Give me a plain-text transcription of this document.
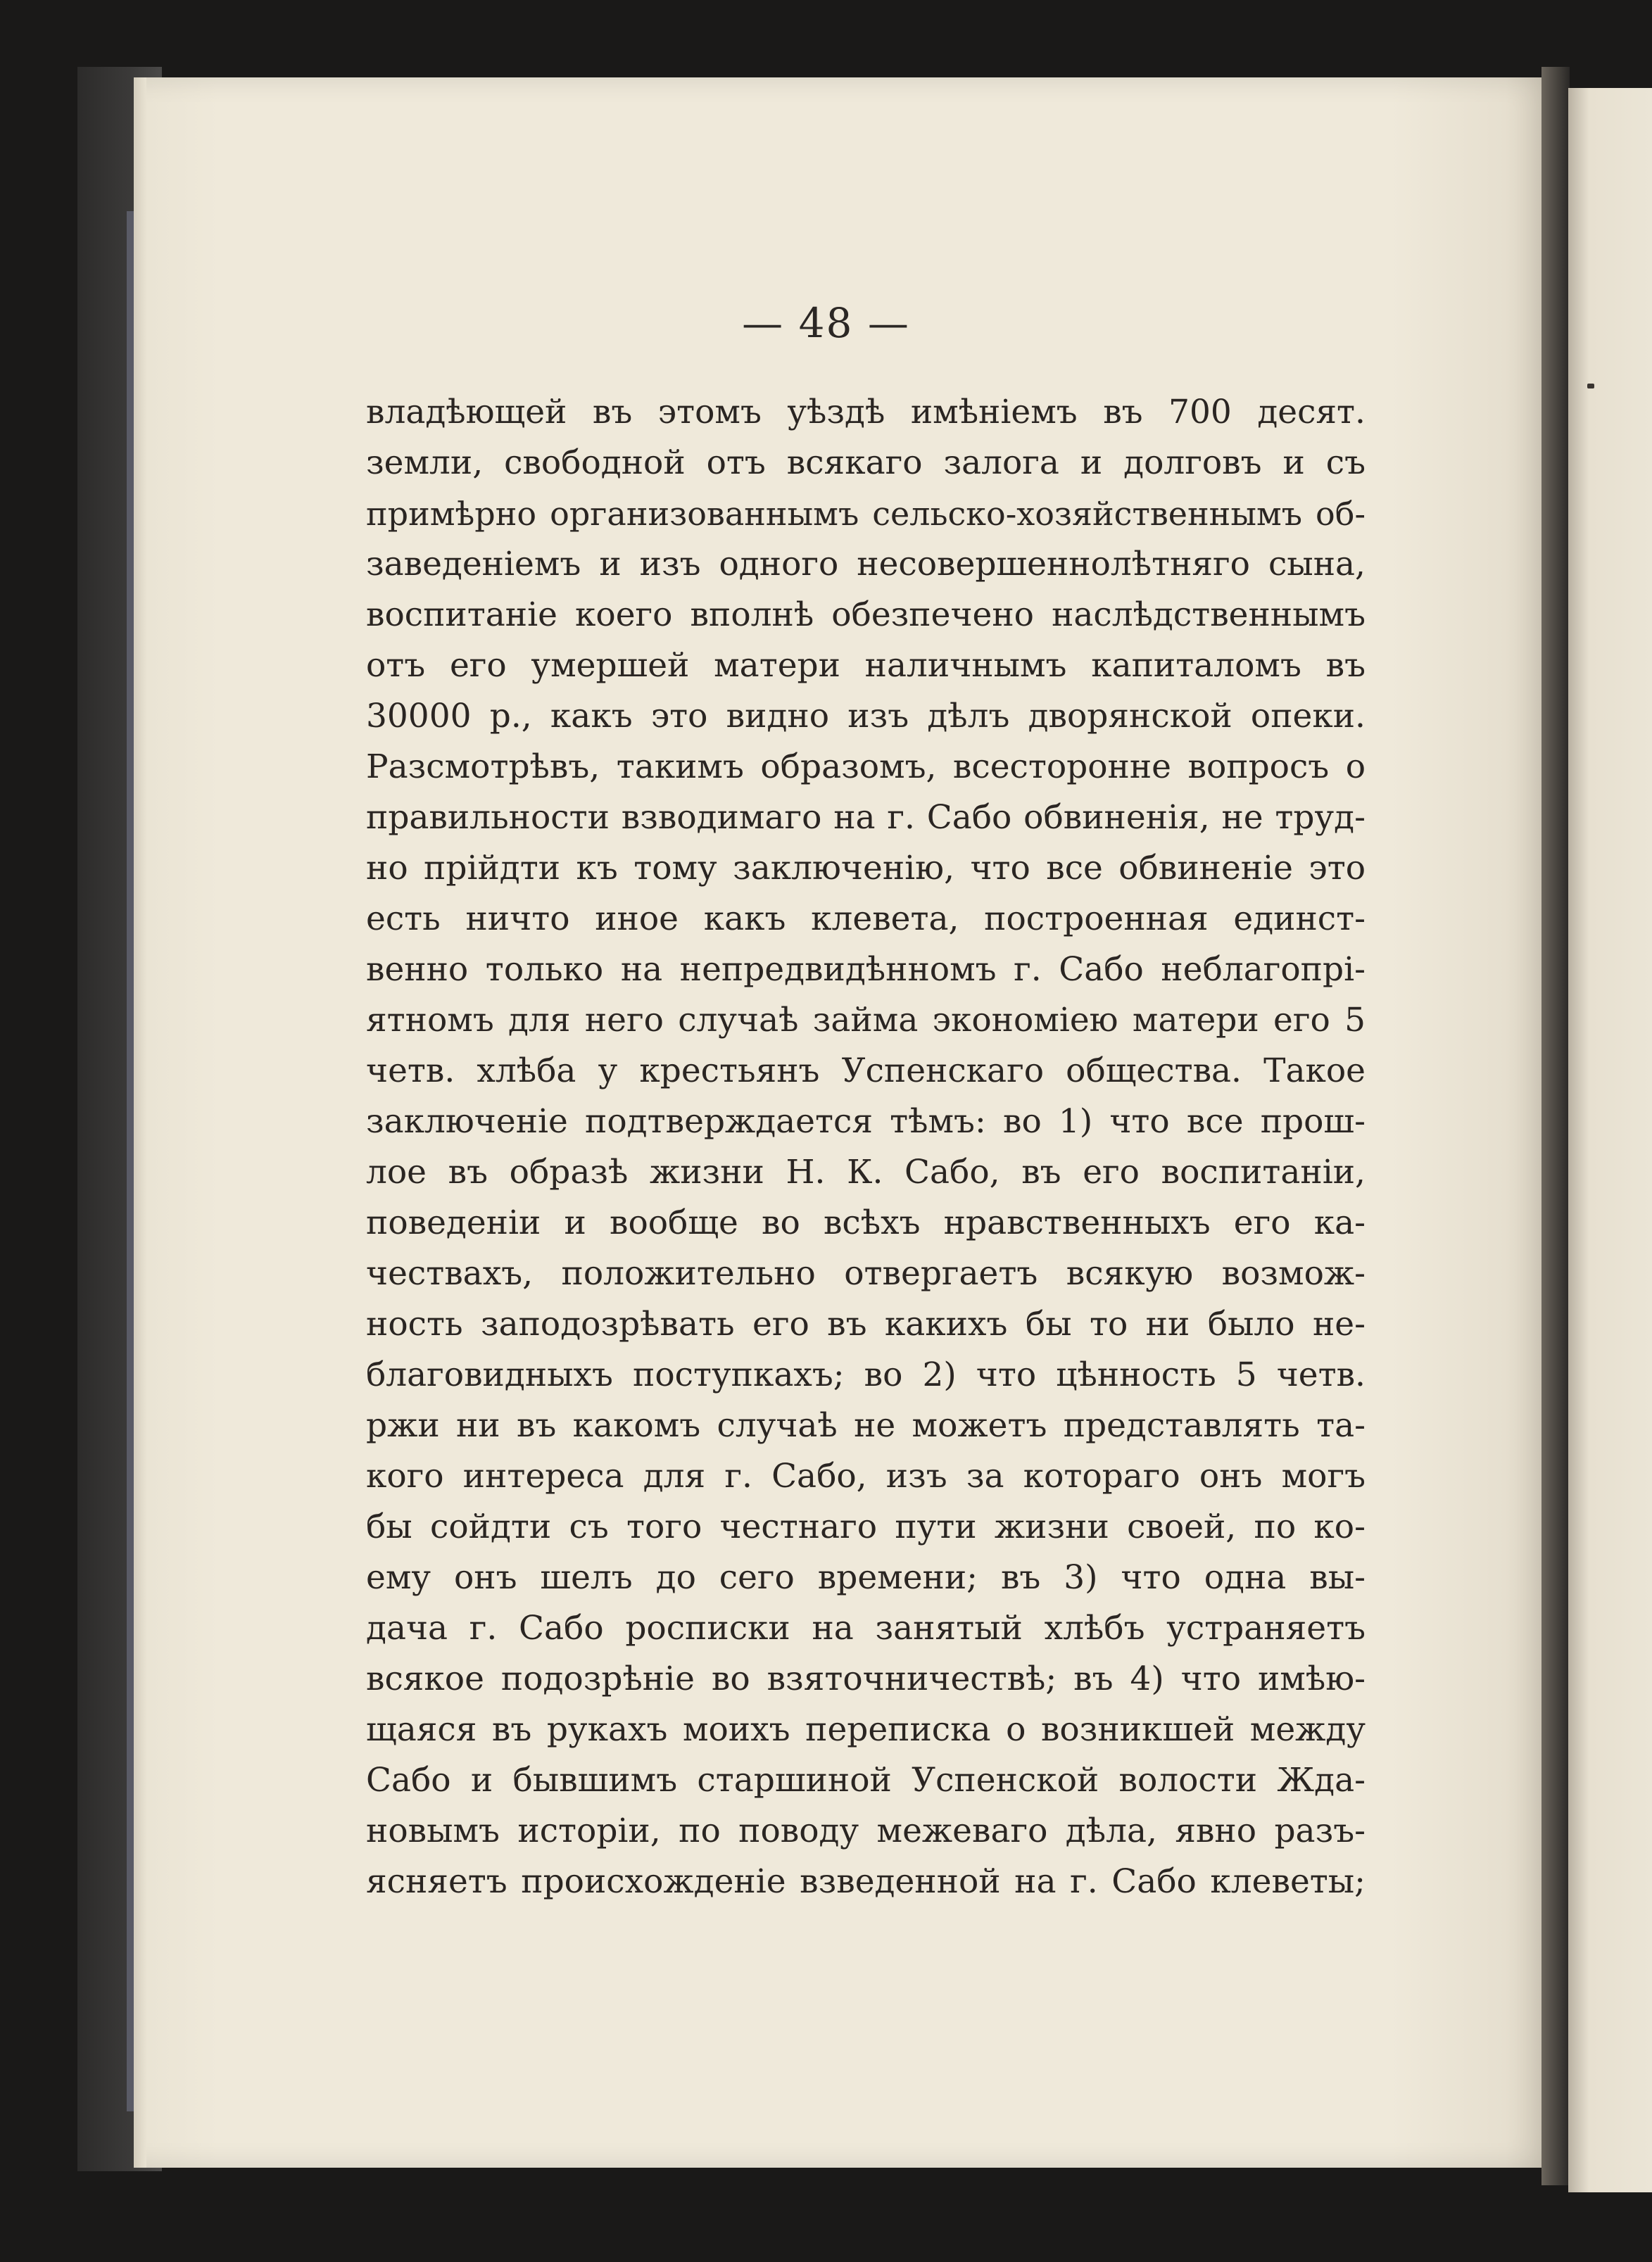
— 48 —
владѣющей въ этомъ уѣздѣ имѣніемъ въ 700 десят.
земли, свободной отъ всякаго залога и долговъ и съ
примѣрно организованнымъ сельско-хозяйственнымъ об-
заведеніемъ и изъ одного несовершеннолѣтняго сына,
воспитаніе коего вполнѣ обезпечено наслѣдственнымъ
отъ его умершей матери наличнымъ капиталомъ въ
30000 р., какъ это видно изъ дѣлъ дворянской опеки.
Разсмотрѣвъ, такимъ образомъ, всесторонне вопросъ о
правильности взводимаго на г. Сабо обвиненія, не труд-
но прійдти къ тому заключенію, что все обвиненіе это
есть ничто иное какъ клевета, построенная единст-
венно только на непредвидѣнномъ г. Сабо неблагопрі-
ятномъ для него случаѣ займа экономіею матери его 5
четв. хлѣба у крестьянъ Успенскаго общества. Такое
заключеніе подтверждается тѣмъ: во 1) что все прош-
лое въ образѣ жизни Н. К. Сабо, въ его воспитаніи,
поведеніи и вообще во всѣхъ нравственныхъ его ка-
чествахъ, положительно отвергаетъ всякую возмож-
ность заподозрѣвать его въ какихъ бы то ни было не-
благовидныхъ поступкахъ; во 2) что цѣнность 5 четв.
ржи ни въ какомъ случаѣ не можетъ представлять та-
кого интереса для г. Сабо, изъ за котораго онъ могъ
бы сойдти съ того честнаго пути жизни своей, по ко-
ему онъ шелъ до сего времени; въ 3) что одна вы-
дача г. Сабо росписки на занятый хлѣбъ устраняетъ
всякое подозрѣніе во взяточничествѣ; въ 4) что имѣю-
щаяся въ рукахъ моихъ переписка о возникшей между
Сабо и бывшимъ старшиной Успенской волости Жда-
новымъ исторіи, по поводу межеваго дѣла, явно разъ-
ясняетъ происхожденіе взведенной на г. Сабо клеветы;
